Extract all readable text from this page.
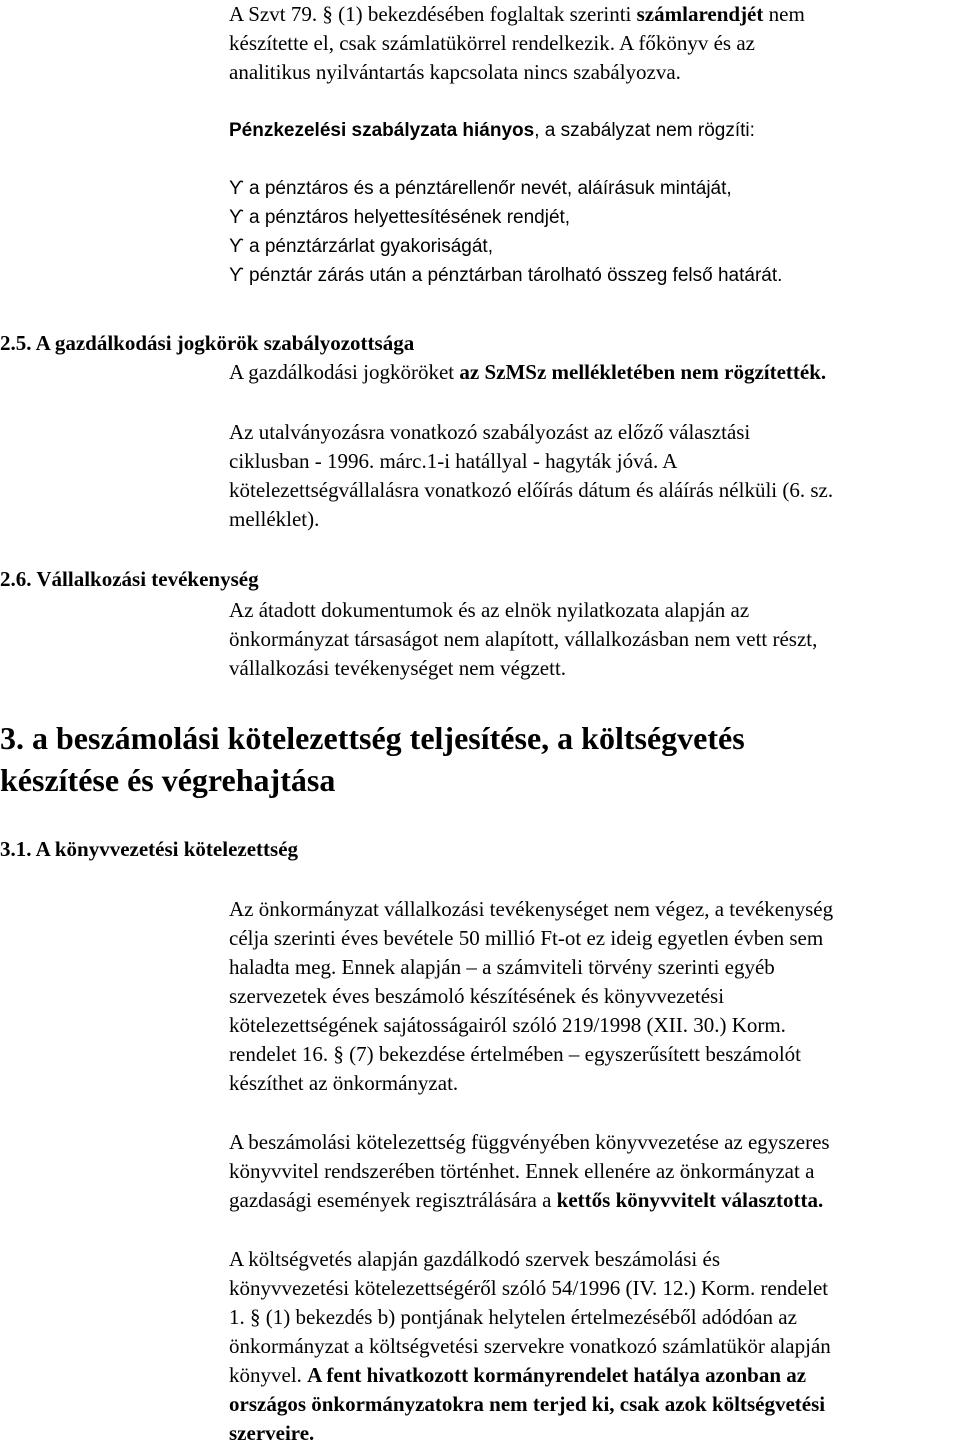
A Szvt 79. § (1) bekezdésében foglaltak szerinti számlarendjét nem
készítette el, csak számlatükörrel rendelkezik. A főkönyv és az
analitikus nyilvántartás kapcsolata nincs szabályozva.
Pénzkezelési szabályzata hiányos, a szabályzat nem rögzíti:
ϒ a pénztáros és a pénztárellenőr nevét, aláírásuk mintáját,
ϒ a pénztáros helyettesítésének rendjét,
ϒ a pénztárzárlat gyakoriságát,
ϒ pénztár zárás után a pénztárban tárolható összeg felső határát.
2.5. A gazdálkodási jogkörök szabályozottsága
A gazdálkodási jogköröket az SzMSz mellékletében nem rögzítették.
Az utalványozásra vonatkozó szabályozást az előző választási
ciklusban - 1996. márc.1-i hatállyal - hagyták jóvá. A
kötelezettségvállalásra vonatkozó előírás dátum és aláírás nélküli (6. sz.
melléklet).
2.6. Vállalkozási tevékenység
Az átadott dokumentumok és az elnök nyilatkozata alapján az
önkormányzat társaságot nem alapított, vállalkozásban nem vett részt,
vállalkozási tevékenységet nem végzett.
3. a beszámolási kötelezettség teljesítése, a költségvetés
készítése és végrehajtása
3.1. A könyvvezetési kötelezettség
Az önkormányzat vállalkozási tevékenységet nem végez, a tevékenység
célja szerinti éves bevétele 50 millió Ft-ot ez ideig egyetlen évben sem
haladta meg. Ennek alapján – a számviteli törvény szerinti egyéb
szervezetek éves beszámoló készítésének és könyvvezetési
kötelezettségének sajátosságairól szóló 219/1998 (XII. 30.) Korm.
rendelet 16. § (7) bekezdése értelmében – egyszerűsített beszámolót
készíthet az önkormányzat.
A beszámolási kötelezettség függvényében könyvvezetése az egyszeres
könyvvitel rendszerében történhet. Ennek ellenére az önkormányzat a
gazdasági események regisztrálására a kettős könyvvitelt választotta.
A költségvetés alapján gazdálkodó szervek beszámolási és
könyvvezetési kötelezettségéről szóló 54/1996 (IV. 12.) Korm. rendelet
1. § (1) bekezdés b) pontjának helytelen értelmezéséből adódóan az
önkormányzat a költségvetési szervekre vonatkozó számlatükör alapján
könyvel. A fent hivatkozott kormányrendelet hatálya azonban az
országos önkormányzatokra nem terjed ki, csak azok költségvetési
szerveire.
